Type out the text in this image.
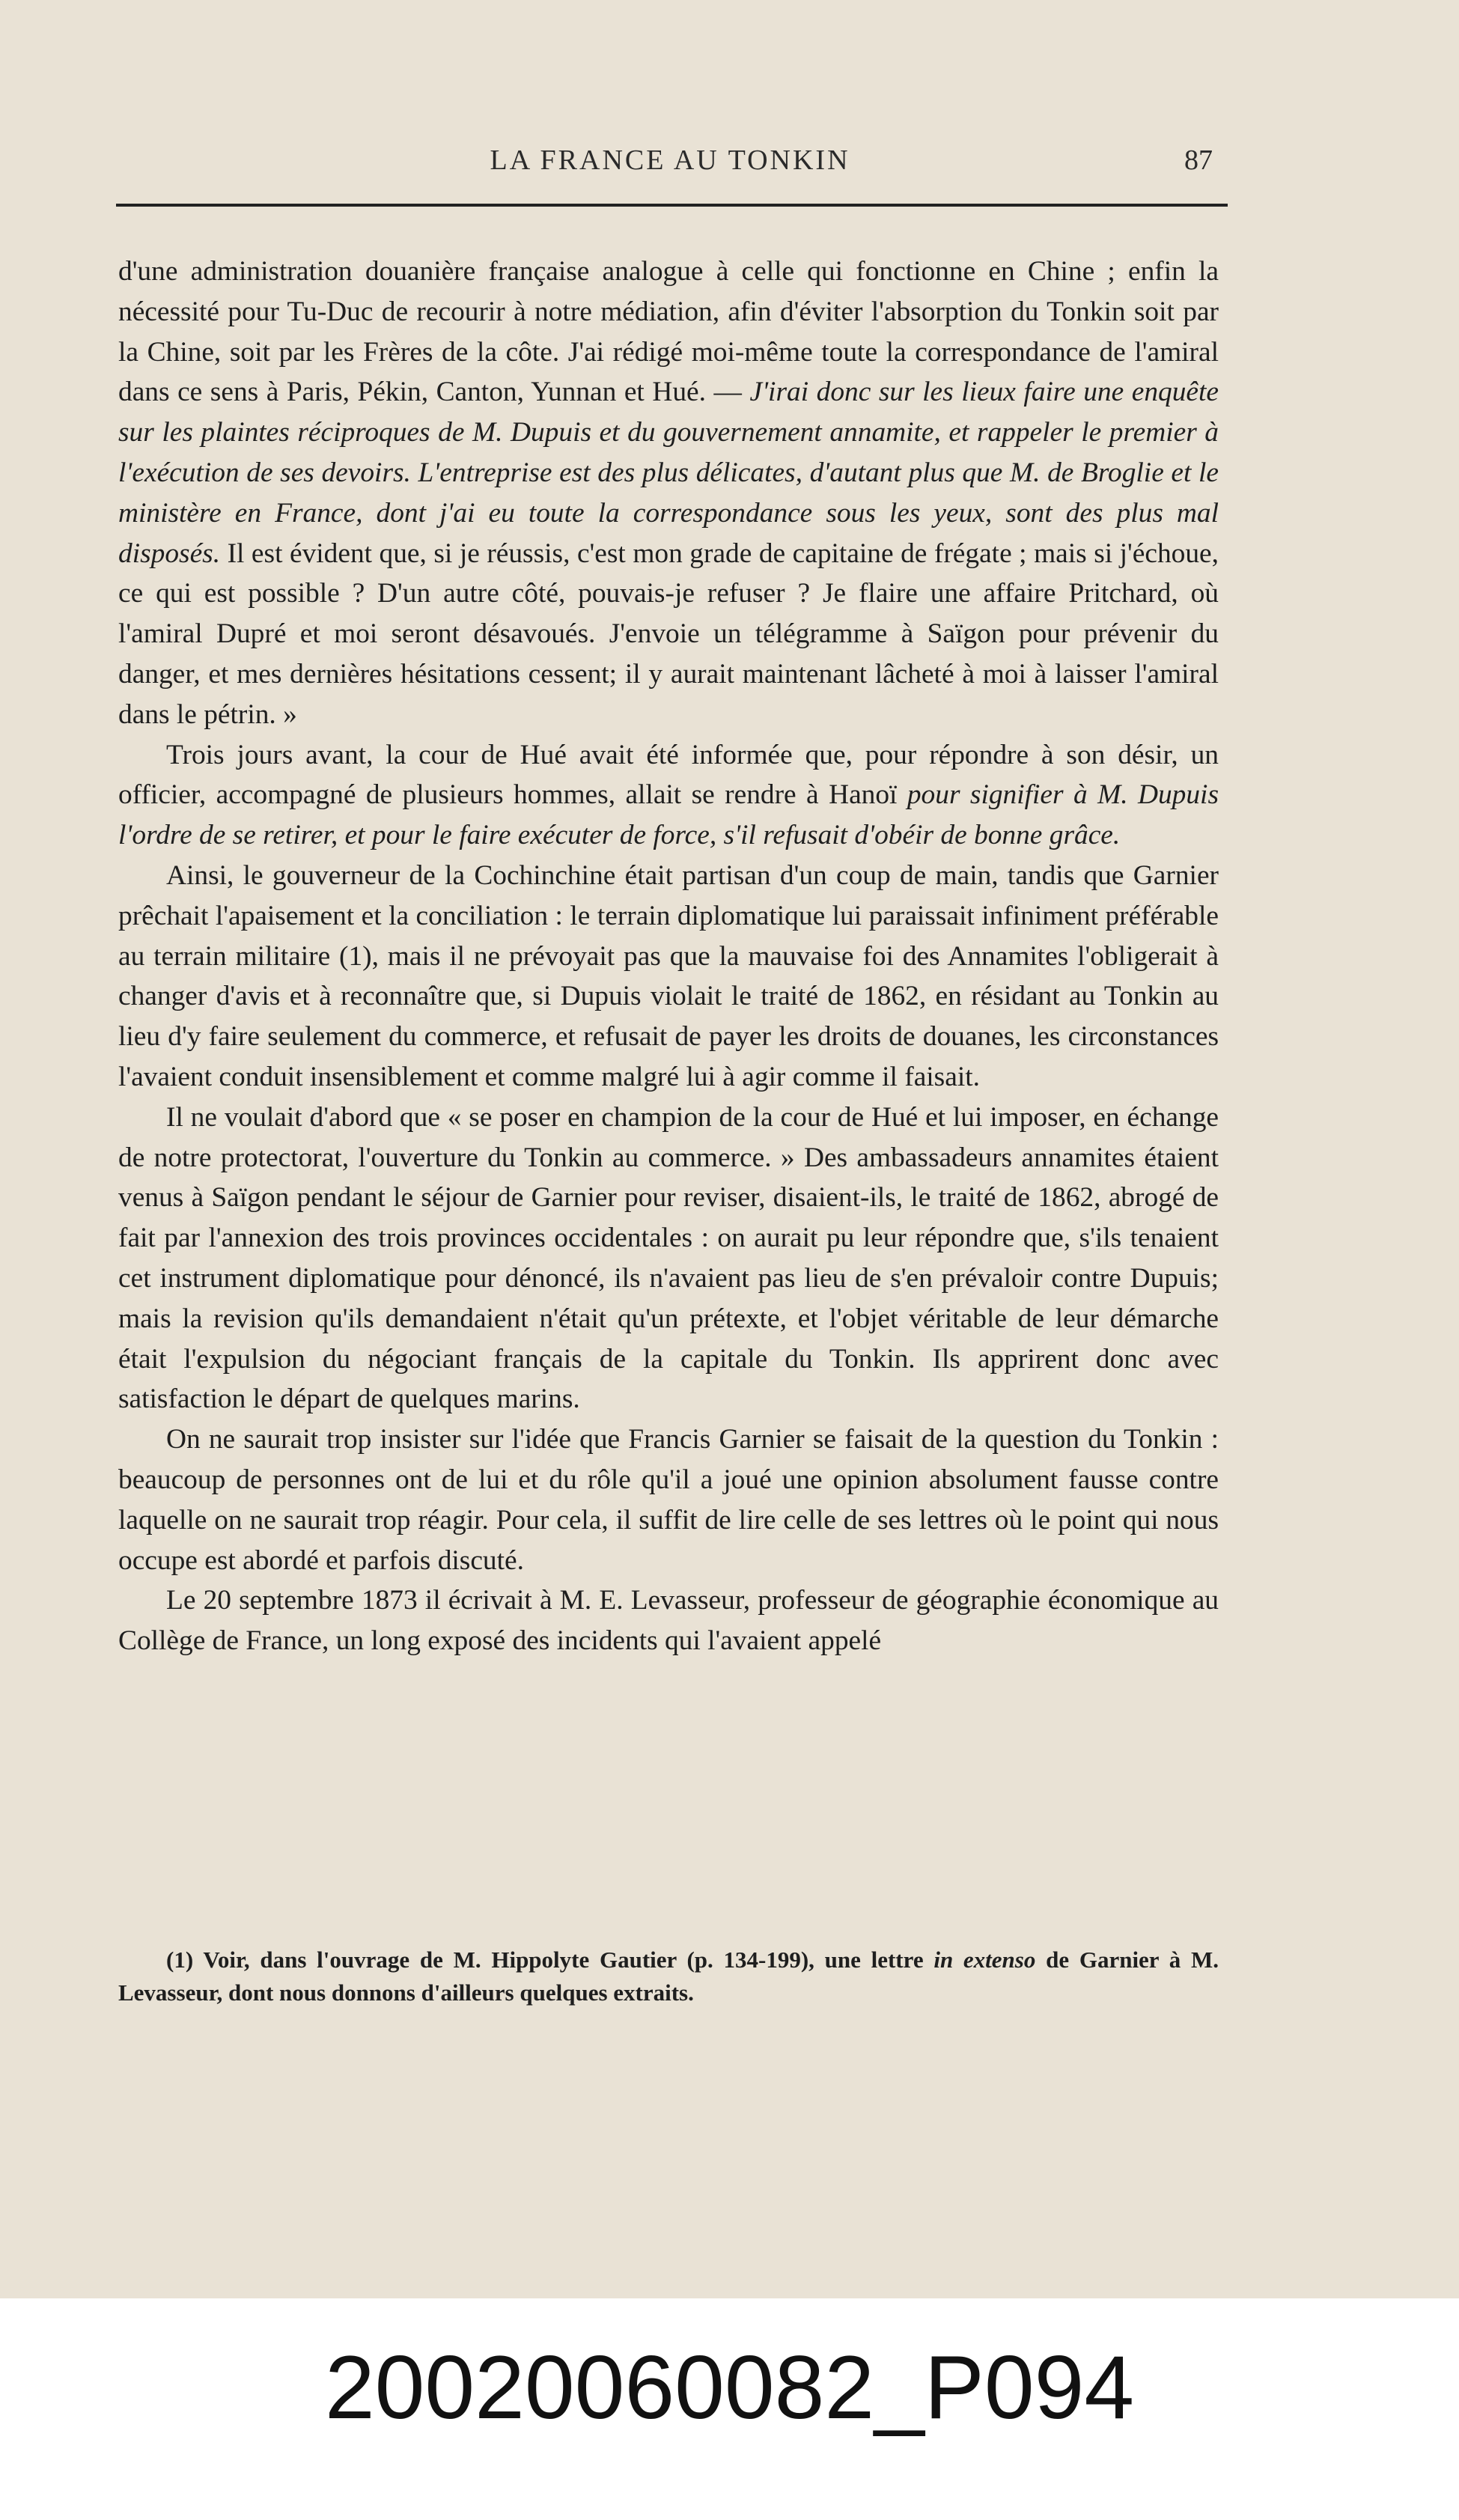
LA FRANCE AU TONKIN	87

d'une administration douanière française analogue à celle qui fonctionne en Chine ; enfin la nécessité pour Tu-Duc de recourir à notre médiation, afin d'éviter l'absorption du Tonkin soit par la Chine, soit par les Frères de la côte. J'ai rédigé moi-même toute la correspondance de l'amiral dans ce sens à Paris, Pékin, Canton, Yunnan et Hué. — J'irai donc sur les lieux faire une enquête sur les plaintes réciproques de M. Dupuis et du gouvernement annamite, et rappeler le premier à l'exécution de ses devoirs. L'entreprise est des plus délicates, d'autant plus que M. de Broglie et le ministère en France, dont j'ai eu toute la correspondance sous les yeux, sont des plus mal disposés. Il est évident que, si je réussis, c'est mon grade de capitaine de frégate ; mais si j'échoue, ce qui est possible ? D'un autre côté, pouvais-je refuser ? Je flaire une affaire Pritchard, où l'amiral Dupré et moi seront désavoués. J'envoie un télégramme à Saïgon pour prévenir du danger, et mes dernières hésitations cessent; il y aurait maintenant lâcheté à moi à laisser l'amiral dans le pétrin. »

Trois jours avant, la cour de Hué avait été informée que, pour répondre à son désir, un officier, accompagné de plusieurs hommes, allait se rendre à Hanoï pour signifier à M. Dupuis l'ordre de se retirer, et pour le faire exécuter de force, s'il refusait d'obéir de bonne grâce.

Ainsi, le gouverneur de la Cochinchine était partisan d'un coup de main, tandis que Garnier prêchait l'apaisement et la conciliation : le terrain diplomatique lui paraissait infiniment préférable au terrain militaire (1), mais il ne prévoyait pas que la mauvaise foi des Annamites l'obligerait à changer d'avis et à reconnaître que, si Dupuis violait le traité de 1862, en résidant au Tonkin au lieu d'y faire seulement du commerce, et refusait de payer les droits de douanes, les circonstances l'avaient conduit insensiblement et comme malgré lui à agir comme il faisait.

Il ne voulait d'abord que « se poser en champion de la cour de Hué et lui imposer, en échange de notre protectorat, l'ouverture du Tonkin au commerce. » Des ambassadeurs annamites étaient venus à Saïgon pendant le séjour de Garnier pour reviser, disaient-ils, le traité de 1862, abrogé de fait par l'annexion des trois provinces occidentales : on aurait pu leur répondre que, s'ils tenaient cet instrument diplomatique pour dénoncé, ils n'avaient pas lieu de s'en prévaloir contre Dupuis; mais la revision qu'ils demandaient n'était qu'un prétexte, et l'objet véritable de leur démarche était l'expulsion du négociant français de la capitale du Tonkin. Ils apprirent donc avec satisfaction le départ de quelques marins.

On ne saurait trop insister sur l'idée que Francis Garnier se faisait de la question du Tonkin : beaucoup de personnes ont de lui et du rôle qu'il a joué une opinion absolument fausse contre laquelle on ne saurait trop réagir. Pour cela, il suffit de lire celle de ses lettres où le point qui nous occupe est abordé et parfois discuté.

Le 20 septembre 1873 il écrivait à M. E. Levasseur, professeur de géographie économique au Collège de France, un long exposé des incidents qui l'avaient appelé

(1) Voir, dans l'ouvrage de M. Hippolyte Gautier (p. 134-199), une lettre in extenso de Garnier à M. Levasseur, dont nous donnons d'ailleurs quelques extraits.
20020060082_P094
